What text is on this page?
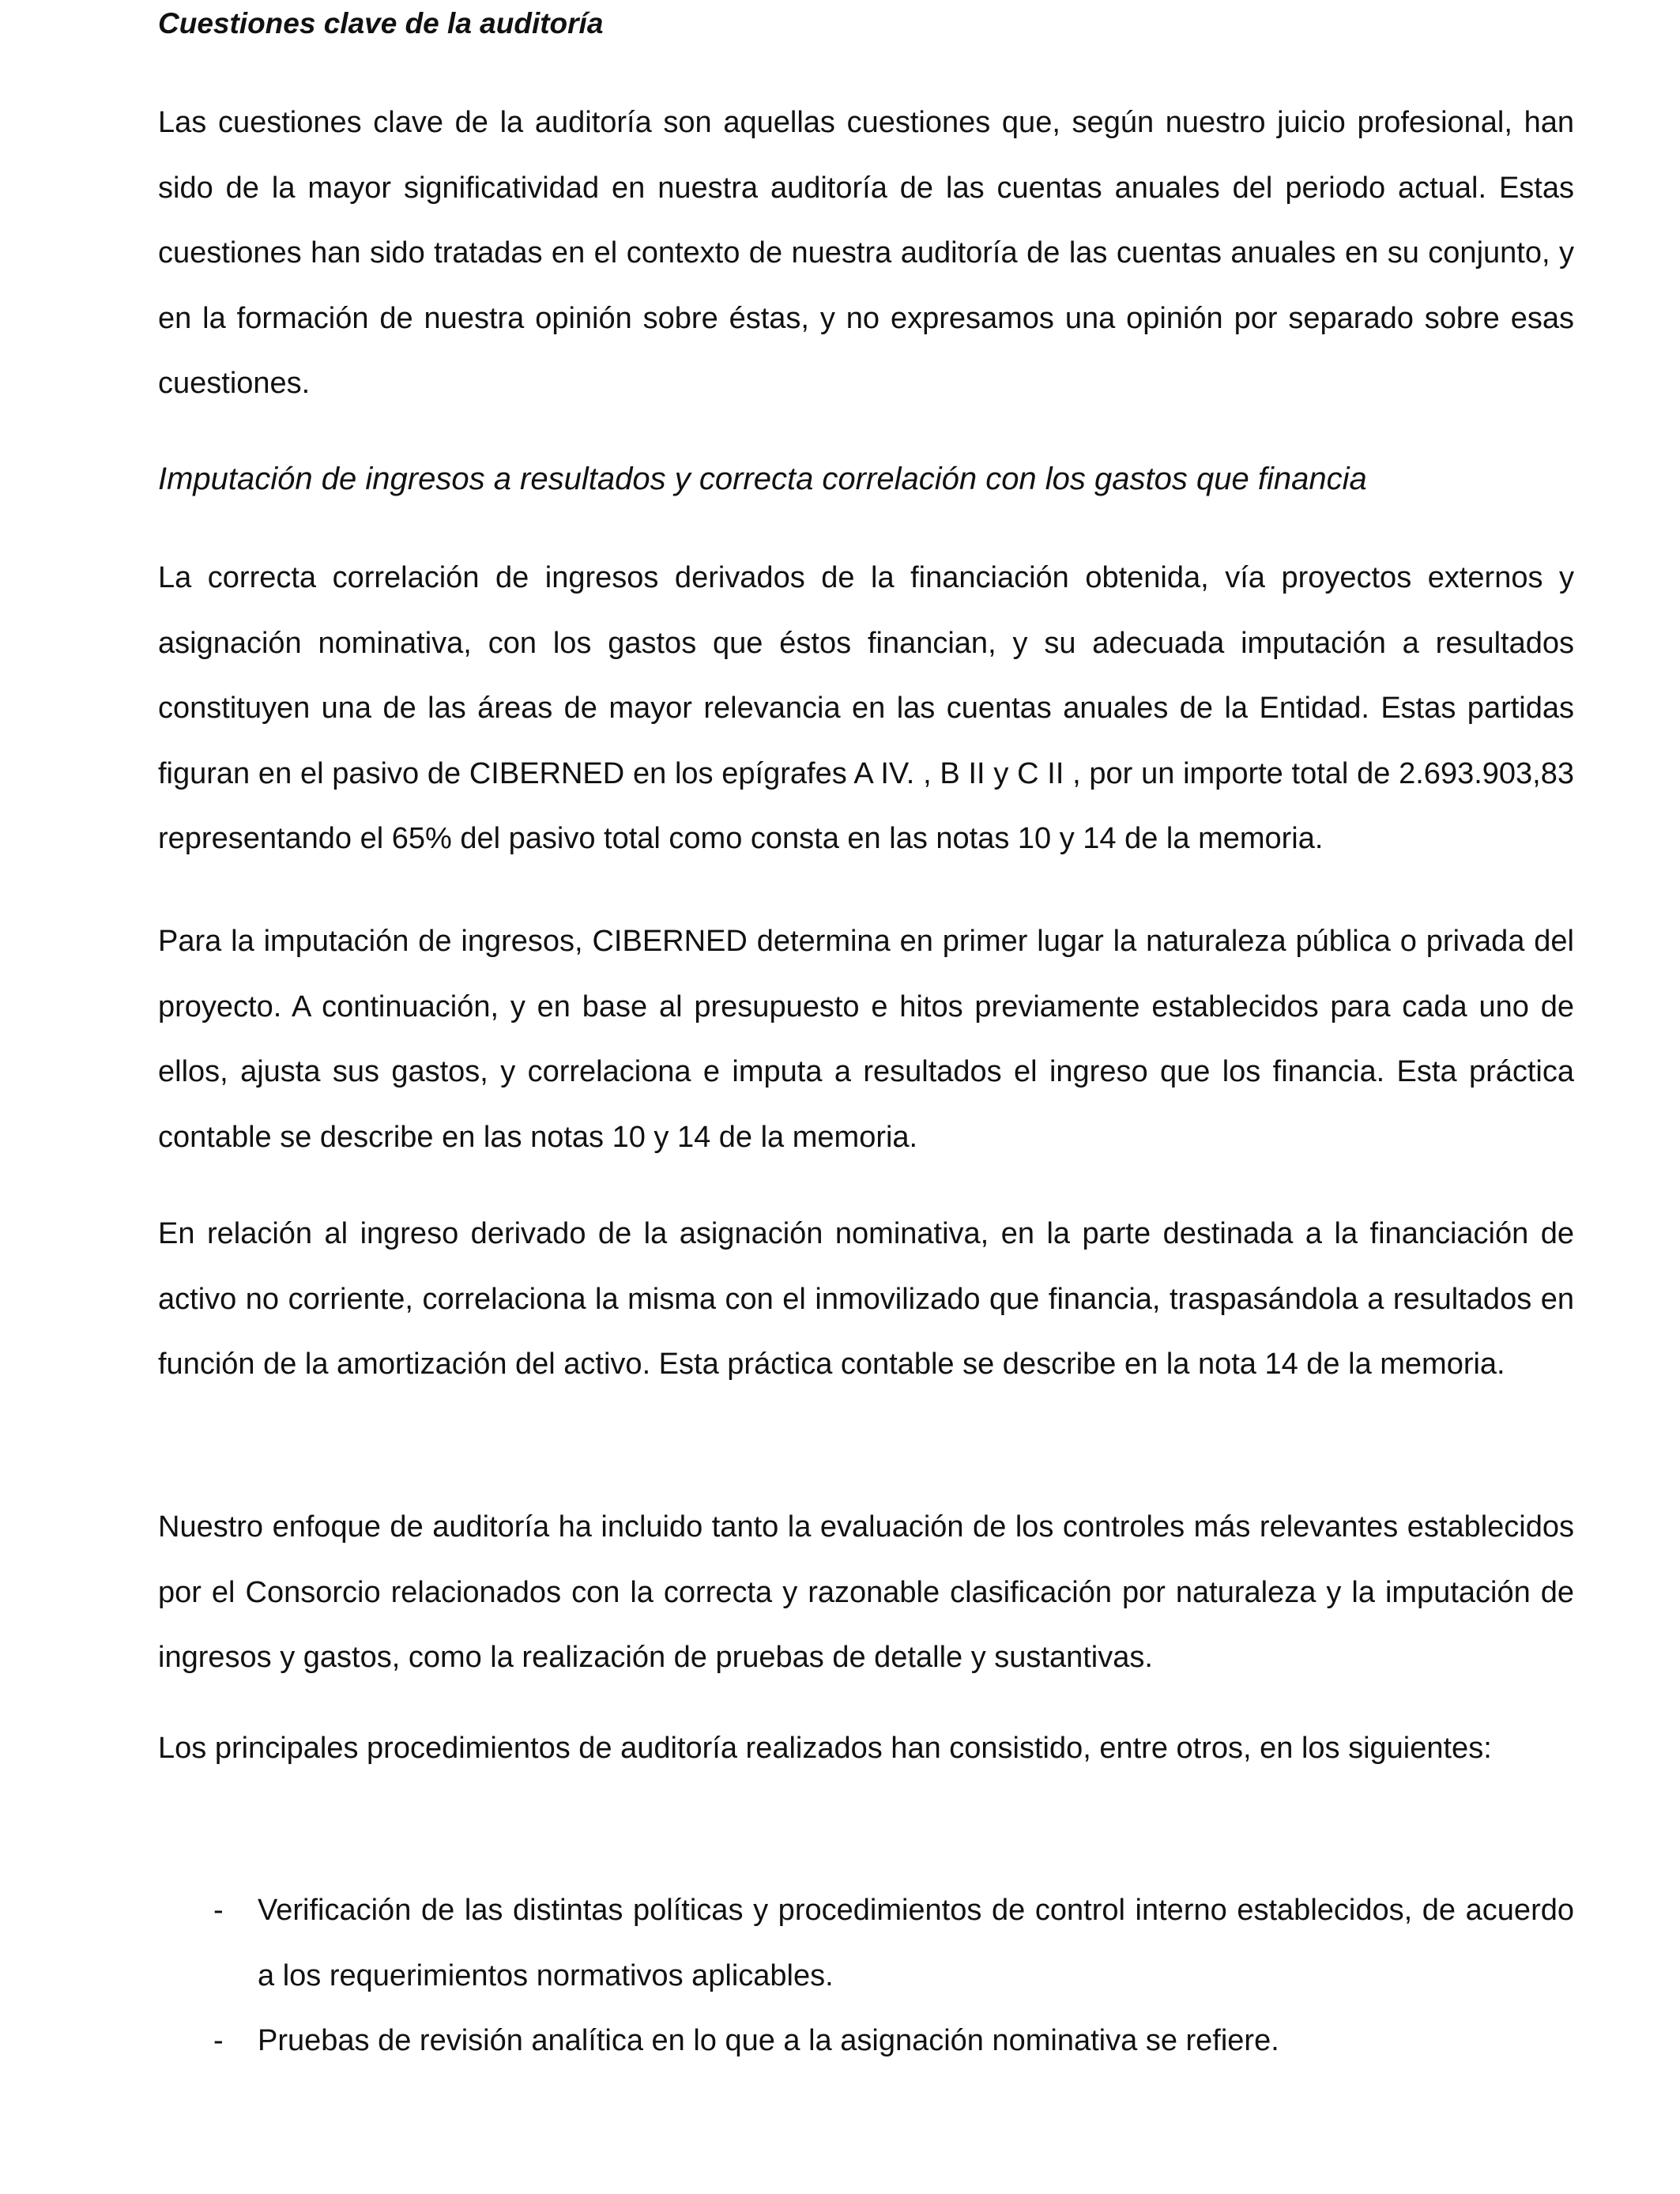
Cuestiones clave de la auditoría

Las cuestiones clave de la auditoría son aquellas cuestiones que, según nuestro juicio profesional, han sido de la mayor significatividad en nuestra auditoría de las cuentas anuales del periodo actual. Estas cuestiones han sido tratadas en el contexto de nuestra auditoría de las cuentas anuales en su conjunto, y en la formación de nuestra opinión sobre éstas, y no expresamos una opinión por separado sobre esas cuestiones.

Imputación de ingresos a resultados y correcta correlación con los gastos que financia

La correcta correlación de ingresos derivados de la financiación obtenida, vía proyectos externos y asignación nominativa, con los gastos que éstos financian, y su adecuada imputación a resultados constituyen una de las áreas de mayor relevancia en las cuentas anuales de la Entidad. Estas partidas figuran en el pasivo de CIBERNED en los epígrafes A IV. , B II y C II , por un importe total de 2.693.903,83 representando el 65% del pasivo total como consta en las notas 10 y 14 de la memoria.

Para la imputación de ingresos, CIBERNED determina en primer lugar la naturaleza pública o privada del proyecto. A continuación, y en base al presupuesto e hitos previamente establecidos para cada uno de ellos, ajusta sus gastos, y correlaciona e imputa a resultados el ingreso que los financia. Esta práctica contable se describe en las notas 10 y 14 de la memoria.

En relación al ingreso derivado de la asignación nominativa, en la parte destinada a la financiación de activo no corriente, correlaciona la misma con el inmovilizado que financia, traspasándola a resultados en función de la amortización del activo. Esta práctica contable se describe en la nota 14 de la memoria.

Nuestro enfoque de auditoría ha incluido tanto la evaluación de los controles más relevantes establecidos por el Consorcio relacionados con la correcta y razonable clasificación por naturaleza y la imputación de ingresos y gastos, como la realización de pruebas de detalle y sustantivas.

Los principales procedimientos de auditoría realizados han consistido, entre otros, en los siguientes:

- Verificación de las distintas políticas y procedimientos de control interno establecidos, de acuerdo a los requerimientos normativos aplicables.
- Pruebas de revisión analítica en lo que a la asignación nominativa se refiere.
